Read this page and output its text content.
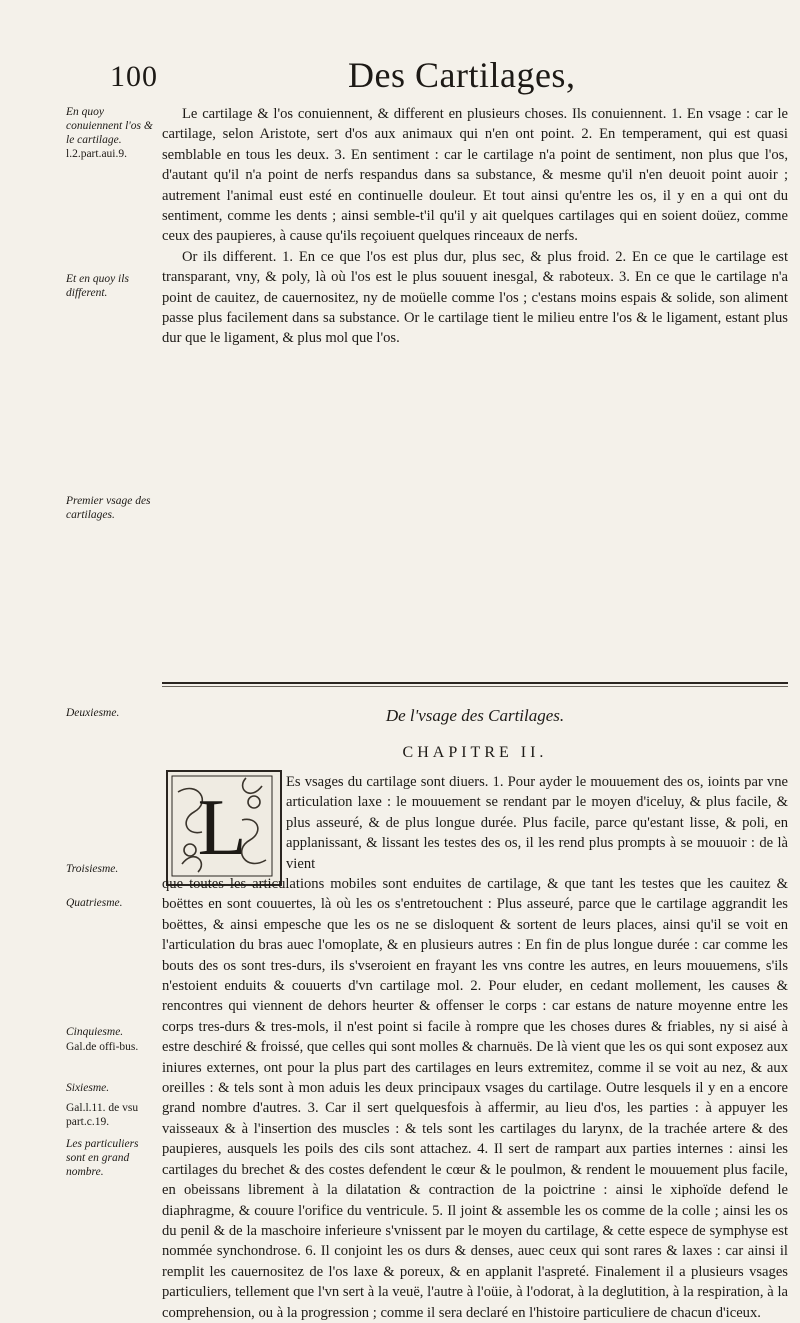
100	Des Cartilages,
En quoy conuiennent l'os & le cartilage.
l.2.part.aui.9.
Et en quoy ils different.
Premier vsage des cartilages.
Deuxiesme.
Troisiesme.
Quatriesme.
Cinquiesme.
Gal.de offi-bus.
Sixiesme.
Gal.l.11. de vsu part.c.19.
Les particuliers sont en grand nombre.

Le cartilage & l'os conuiennent, & different en plusieurs choses. Ils conuiennent. 1. En vsage : car le cartilage, selon Aristote, sert d'os aux animaux qui n'en ont point. 2. En temperament, qui est quasi semblable en tous les deux. 3. En sentiment : car le cartilage n'a point de sentiment, non plus que l'os, d'autant qu'il n'a point de nerfs respandus dans sa substance, & mesme qu'il n'en deuoit point auoir ; autrement l'animal eust esté en continuelle douleur. Et tout ainsi qu'entre les os, il y en a qui ont du sentiment, comme les dents ; ainsi semble-t'il qu'il y ait quelques cartilages qui en soient doüez, comme ceux des paupieres, à cause qu'ils reçoiuent quelques rinceaux de nerfs.

Or ils different. 1. En ce que l'os est plus dur, plus sec, & plus froid. 2. En ce que le cartilage est transparant, vny, & poly, là où l'os est le plus souuent inesgal, & raboteux. 3. En ce que le cartilage n'a point de cauitez, de cauernositez, ny de moüelle comme l'os ; c'estans moins espais & solide, son aliment passe plus facilement dans sa substance. Or le cartilage tient le milieu entre l'os & le ligament, estant plus dur que le ligament, & plus mol que l'os.

De l'vsage des Cartilages.
CHAPITRE II.
L
Es vsages du cartilage sont diuers. 1. Pour ayder le mouuement des os, ioints par vne articulation laxe : le mouuement se rendant par le moyen d'iceluy, & plus facile, & plus asseuré, & de plus longue durée. Plus facile, parce qu'estant lisse, & poli, en applanissant, & lissant les testes des os, il les rend plus prompts à se mouuoir : de là vient
que toutes les articulations mobiles sont enduites de cartilage, & que tant les testes que les cauitez & boëttes en sont couuertes, là où les os s'entretouchent : Plus asseuré, parce que le cartilage aggrandit les boëttes, & ainsi empesche que les os ne se disloquent & sortent de leurs places, ainsi qu'il se voit en l'articulation du bras auec l'omoplate, & en plusieurs autres : En fin de plus longue durée : car comme les bouts des os sont tres-durs, ils s'vseroient en frayant les vns contre les autres, en leurs mouuemens, s'ils n'estoient enduits & couuerts d'vn cartilage mol. 2. Pour eluder, en cedant mollement, les causes & rencontres qui viennent de dehors heurter & offenser le corps : car estans de nature moyenne entre les corps tres-durs & tres-mols, il n'est point si facile à rompre que les choses dures & friables, ny si aisé à estre deschiré & froissé, que celles qui sont molles & charnuës. De là vient que les os qui sont exposez aux iniures externes, ont pour la plus part des cartilages en leurs extremitez, comme il se voit au nez, & aux oreilles : & tels sont à mon aduis les deux principaux vsages du cartilage. Outre lesquels il y en a encore grand nombre d'autres. 3. Car il sert quelquesfois à affermir, au lieu d'os, les parties : à appuyer les vaisseaux & à l'insertion des muscles : & tels sont les cartilages du larynx, de la trachée artere & des paupieres, ausquels les poils des cils sont attachez. 4. Il sert de rampart aux parties internes : ainsi les cartilages du brechet & des costes defendent le cœur & le poulmon, & rendent le mouuement plus facile, en obeissans librement à la dilatation & contraction de la poictrine : ainsi le xiphoïde defend le diaphragme, & couure l'orifice du ventricule. 5. Il joint & assemble les os comme de la colle ; ainsi les os du penil & de la maschoire inferieure s'vnissent par le moyen du cartilage, & cette espece de symphyse est nommée synchondrose. 6. Il conjoint les os durs & denses, auec ceux qui sont rares & laxes : car ainsi il remplit les cauernositez de l'os laxe & poreux, & en applanit l'aspreté. Finalement il a plusieurs vsages particuliers, tellement que l'vn sert à la veuë, l'autre à l'oüie, à l'odorat, à la deglutition, à la respiration, à la comprehension, ou à la progression ; comme il sera declaré en l'histoire particuliere de chacun d'iceux.
